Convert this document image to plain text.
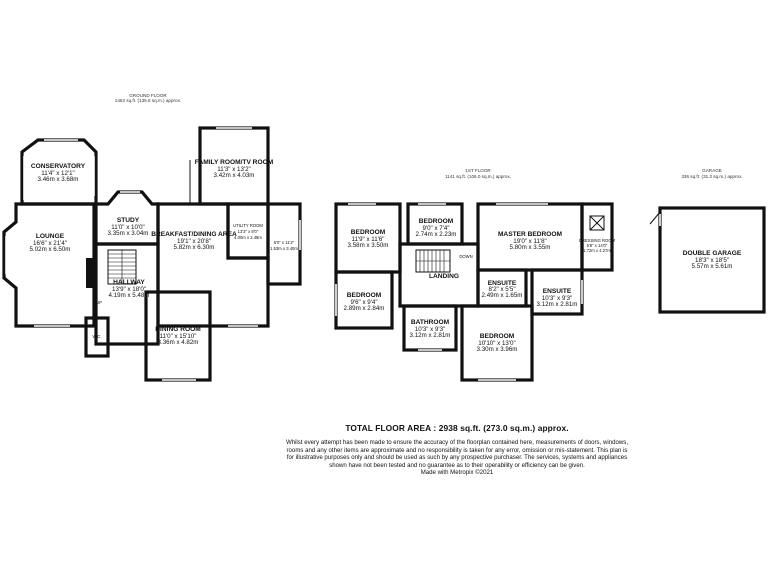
GROUND FLOOR
1462 sq.ft. (135.8 sq.m.) approx.
UP
W.C.
CONSERVATORY
11'4" x 12'1"
3.46m x 3.68m
LOUNGE
16'6" x 21'4"
5.02m x 6.50m
STUDY
11'0" x 10'0"
3.35m x 3.04m
HALLWAY
13'9" x 18'0"
4.19m x 5.48m
FAMILY ROOM/TV ROOM
11'3" x 13'2"
3.42m x 4.03m
BREAKFAST/DINING AREA
19'1" x 20'8"
5.82m x 6.30m
UTILITY ROOM
13'3" x 8'0"
4.00m x 2.48m
5'0" x 11'2"
1.53m x 3.40m
DINING ROOM
11'0" x 15'10"
3.36m x 4.82m
1ST FLOOR
1141 sq.ft. (106.0 sq.m.) approx.
DOWN
BEDROOM
11'9" x 11'6"
3.58m x 3.50m
BEDROOM
9'0" x 7'4"
2.74m x 2.23m	MASTER BEDROOM
19'0" x 11'8"
5.80m x 3.55m
DRESSING ROOM
5'8" x 14'0"
1.72m x 4.27m
LANDING
ENSUITE
8'2" x 5'5"
2.49m x 1.65m
ENSUITE
10'3" x 9'3"
3.12m x 2.81m
BEDROOM
9'6" x 9'4"
2.89m x 2.84m
BATHROOM
10'3" x 9'3"
3.12m x 2.81m	BEDROOM
10'10" x 13'0"
3.30m x 3.96m
GARAGE
336 sq.ft. (31.2 sq.m.) approx.
DOUBLE GARAGE
18'3" x 18'5"
5.57m x 5.61m

TOTAL FLOOR AREA : 2938 sq.ft. (273.0 sq.m.) approx.

Whilst every attempt has been made to ensure the accuracy of the floorplan contained here, measurements of doors, windows, rooms and any other items are approximate and no responsibility is taken for any error, omission or mis-statement. This plan is for illustrative purposes only and should be used as such by any prospective purchaser. The services, systems and appliances shown have not been tested and no guarantee as to their operability or efficiency can be given.

Made with Metropix ©2021
